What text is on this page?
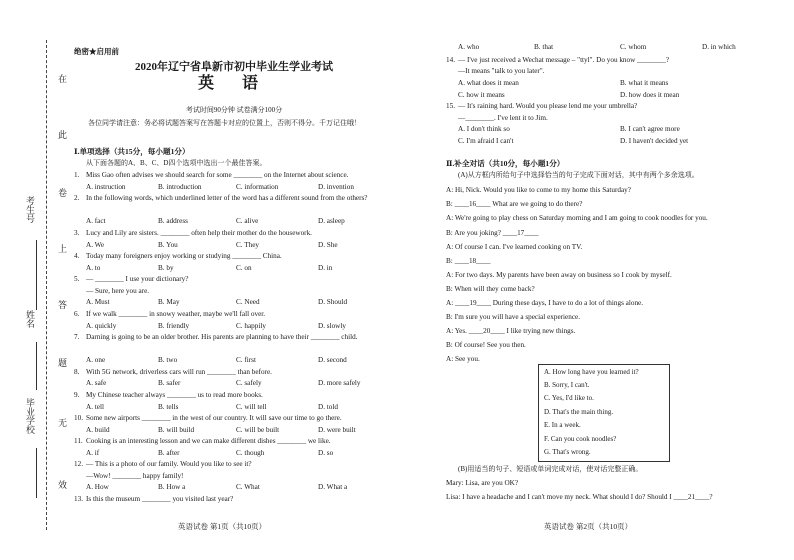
在
此
卷
上
答
题
无
效
考生号
姓名
毕业学校
绝密★启用前
2020年辽宁省阜新市初中毕业生学业考试
英 语
考试时间90分钟 试卷满分100分
各位同学请注意：务必将试题答案写在答题卡对应的位置上，否则不得分。千万记住哦！
Ⅰ.单项选择（共15分，每小题1分）
从下面各题的A、B、C、D四个选项中选出一个最佳答案。
1. Miss Gao often advises we should search for some ________ on the Internet about science.
A. instruction	B. introduction	C. information	D. invention
2. In the following words, which underlined letter of the word has a different sound from the others?
A. fact	B. address	C. alive	D. asleep
3. Lucy and Lily are sisters. ________ often help their mother do the housework.
A. We	B. You	C. They	D. She
4. Today many foreigners enjoy working or studying ________ China.
A. to	B. by	C. on	D. in
5. — ________ I use your dictionary?
— Sure, here you are.
A. Must	B. May	C. Need	D. Should
6. If we walk ________ in snowy weather, maybe we'll fall over.
A. quickly	B. friendly	C. happily	D. slowly
7. Darning is going to be an older brother. His parents are planning to have their ________ child.
A. one	B. two	C. first	D. second
8. With 5G network, driverless cars will run ________ than before.
A. safe	B. safer	C. safely	D. more safely
9. My Chinese teacher always ________ us to read more books.
A. tell	B. tells	C. will tell	D. told
10. Some new airports ________ in the west of our country. It will save our time to go there.
A. build	B. will build	C. will be built	D. were built
11. Cooking is an interesting lesson and we can make different dishes ________ we like.
A. if	B. after	C. though	D. so
12. — This is a photo of our family. Would you like to see it?
—Wow! ________ happy family!
A. How	B. How a	C. What	D. What a
13. Is this the museum ________ you visited last year?
英语试卷 第1页（共10页）
A. who	B. that	C. whom	D. in which
14. — I've just received a Wechat message – "ttyl". Do you know ________?
—It means "talk to you later".
A. what does it mean	B. what it means
C. how it means	D. how does it mean
15. — It's raining hard. Would you please lend me your umbrella?
—________. I've lent it to Jim.
A. I don't think so	B. I can't agree more
C. I'm afraid I can't	D. I haven't decided yet
Ⅱ.补全对话（共10分，每小题1分）
(A)从方框内所给句子中选择恰当的句子完成下面对话，其中有两个多余选项。
A: Hi, Nick. Would you like to come to my home this Saturday?
B: ____16____ What are we going to do there?
A: We're going to play chess on Saturday morning and I am going to cook noodles for you.
B: Are you joking? ____17____
A: Of course I can. I've learned cooking on TV.
B: ____18____
A: For two days. My parents have been away on business so I cook by myself.
B: When will they come back?
A: ____19____ During these days, I have to do a lot of things alone.
B: I'm sure you will have a special experience.
A: Yes. ____20____ I like trying new things.
B: Of course! See you then.
A: See you.
A. How long have you learned it?
B. Sorry, I can't.
C. Yes, I'd like to.
D. That's the main thing.
E. In a week.
F. Can you cook noodles?
G. That's wrong.
(B)用适当的句子、短语或单词完成对话，使对话完整正确。
Mary: Lisa, are you OK?
Lisa: I have a headache and I can't move my neck. What should I do? Should I ____21____?
英语试卷 第2页（共10页）
